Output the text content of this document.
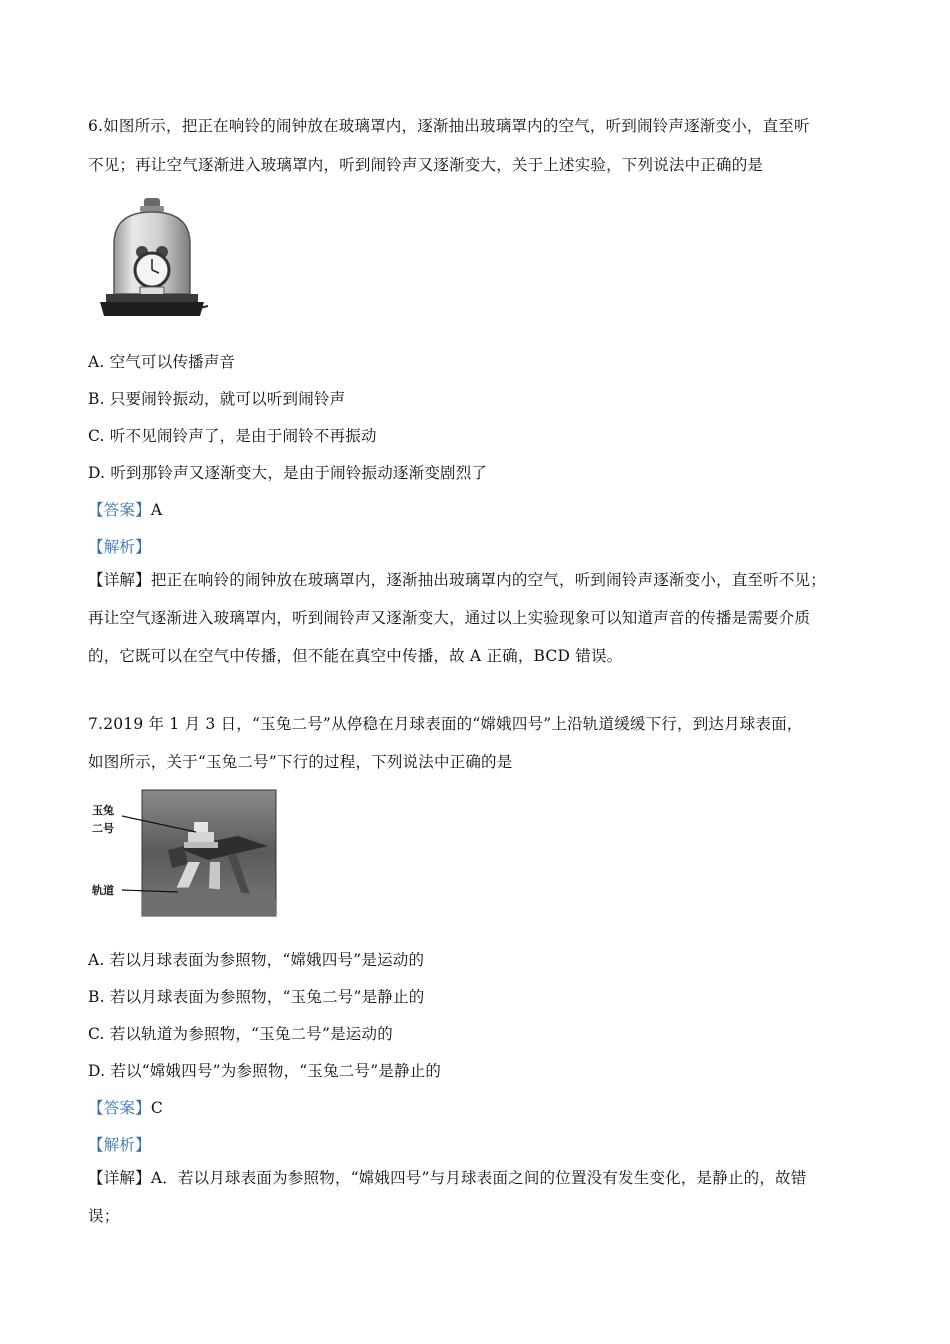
6.如图所示，把正在响铃的闹钟放在玻璃罩内，逐渐抽出玻璃罩内的空气，听到闹铃声逐渐变小，直至听
不见；再让空气逐渐进入玻璃罩内，听到闹铃声又逐渐变大，关于上述实验，下列说法中正确的是
A. 空气可以传播声音
B. 只要闹铃振动，就可以听到闹铃声
C. 听不见闹铃声了，是由于闹铃不再振动
D. 听到那铃声又逐渐变大，是由于闹铃振动逐渐变剧烈了
【答案】A
【解析】
【详解】把正在响铃的闹钟放在玻璃罩内，逐渐抽出玻璃罩内的空气，听到闹铃声逐渐变小，直至听不见；
再让空气逐渐进入玻璃罩内，听到闹铃声又逐渐变大，通过以上实验现象可以知道声音的传播是需要介质
的，它既可以在空气中传播，但不能在真空中传播，故 A 正确，BCD 错误。
7.2019 年 1 月 3 日，“玉兔二号”从停稳在月球表面的“嫦娥四号”上沿轨道缓缓下行，到达月球表面，
如图所示，关于“玉兔二号”下行的过程，下列说法中正确的是
玉兔
二号
轨道
A. 若以月球表面为参照物，“嫦娥四号”是运动的
B. 若以月球表面为参照物，“玉兔二号”是静止的
C. 若以轨道为参照物，“玉兔二号”是运动的
D. 若以“嫦娥四号”为参照物，“玉兔二号”是静止的
【答案】C
【解析】
【详解】A．若以月球表面为参照物，“嫦娥四号”与月球表面之间的位置没有发生变化，是静止的，故错
误；
